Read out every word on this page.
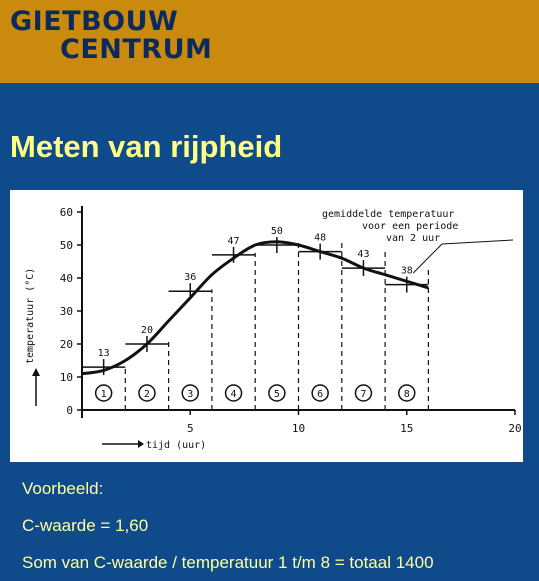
GIETBOUW
CENTRUM
Meten van rijpheid
0
10
20
30
40
50
60
5	10	15	20
tijd (uur)
temperatuur (°C)	13
1
20
2
36
3
47
4
50
5
48
6
43
7
38
8
gemiddelde temperatuur
voor een periode
van 2 uur
Voorbeeld:
C-waarde = 1,60
Som van C-waarde / temperatuur 1 t/m 8 = totaal 1400
